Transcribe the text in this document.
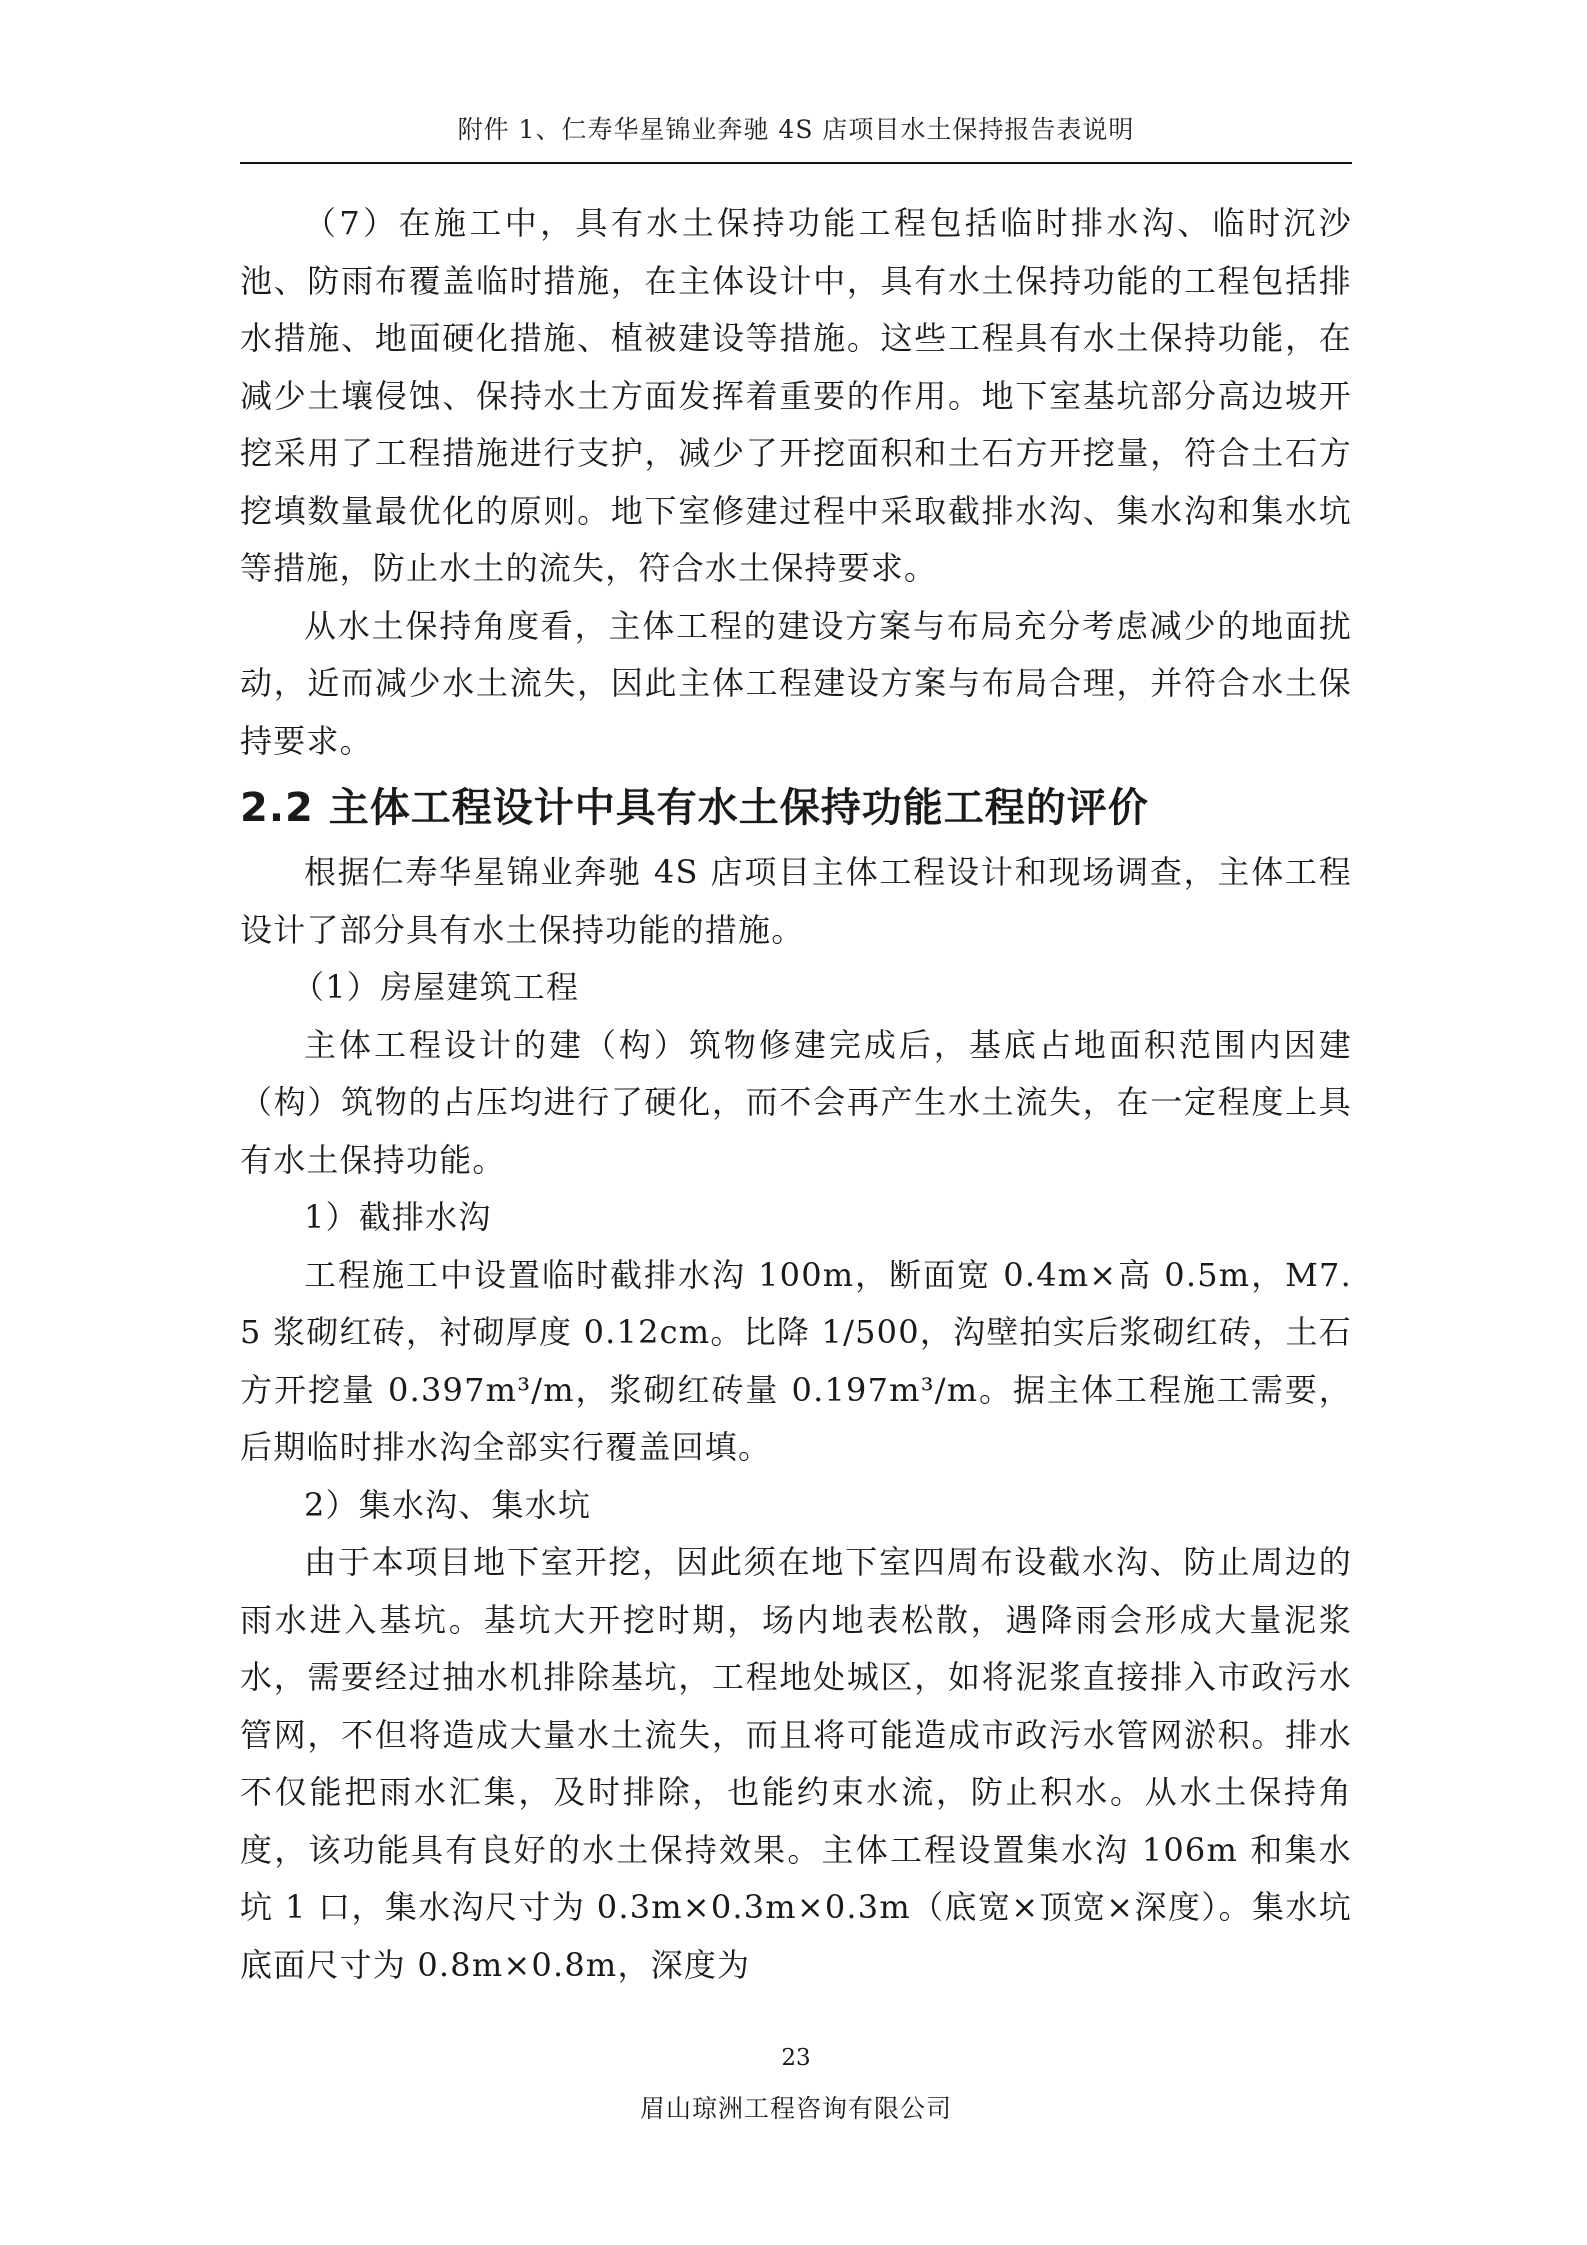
附件 1、仁寿华星锦业奔驰 4S 店项目水土保持报告表说明

（7）在施工中，具有水土保持功能工程包括临时排水沟、临时沉沙池、防雨布覆盖临时措施，在主体设计中，具有水土保持功能的工程包括排水措施、地面硬化措施、植被建设等措施。这些工程具有水土保持功能，在减少土壤侵蚀、保持水土方面发挥着重要的作用。地下室基坑部分高边坡开挖采用了工程措施进行支护，减少了开挖面积和土石方开挖量，符合土石方挖填数量最优化的原则。地下室修建过程中采取截排水沟、集水沟和集水坑等措施，防止水土的流失，符合水土保持要求。

从水土保持角度看，主体工程的建设方案与布局充分考虑减少的地面扰动，近而减少水土流失，因此主体工程建设方案与布局合理，并符合水土保持要求。

2.2 主体工程设计中具有水土保持功能工程的评价

根据仁寿华星锦业奔驰 4S 店项目主体工程设计和现场调查，主体工程设计了部分具有水土保持功能的措施。

（1）房屋建筑工程

主体工程设计的建（构）筑物修建完成后，基底占地面积范围内因建（构）筑物的占压均进行了硬化，而不会再产生水土流失，在一定程度上具有水土保持功能。

1）截排水沟

工程施工中设置临时截排水沟 100m，断面宽 0.4m×高 0.5m，M7.5 浆砌红砖，衬砌厚度 0.12cm。比降 1/500，沟壁拍实后浆砌红砖，土石方开挖量 0.397m³/m，浆砌红砖量 0.197m³/m。据主体工程施工需要，后期临时排水沟全部实行覆盖回填。

2）集水沟、集水坑

由于本项目地下室开挖，因此须在地下室四周布设截水沟、防止周边的雨水进入基坑。基坑大开挖时期，场内地表松散，遇降雨会形成大量泥浆水，需要经过抽水机排除基坑，工程地处城区，如将泥浆直接排入市政污水管网，不但将造成大量水土流失，而且将可能造成市政污水管网淤积。排水不仅能把雨水汇集，及时排除，也能约束水流，防止积水。从水土保持角度，该功能具有良好的水土保持效果。主体工程设置集水沟 106m 和集水坑 1 口，集水沟尺寸为 0.3m×0.3m×0.3m（底宽×顶宽×深度）。集水坑底面尺寸为 0.8m×0.8m，深度为

23
眉山琼洲工程咨询有限公司
